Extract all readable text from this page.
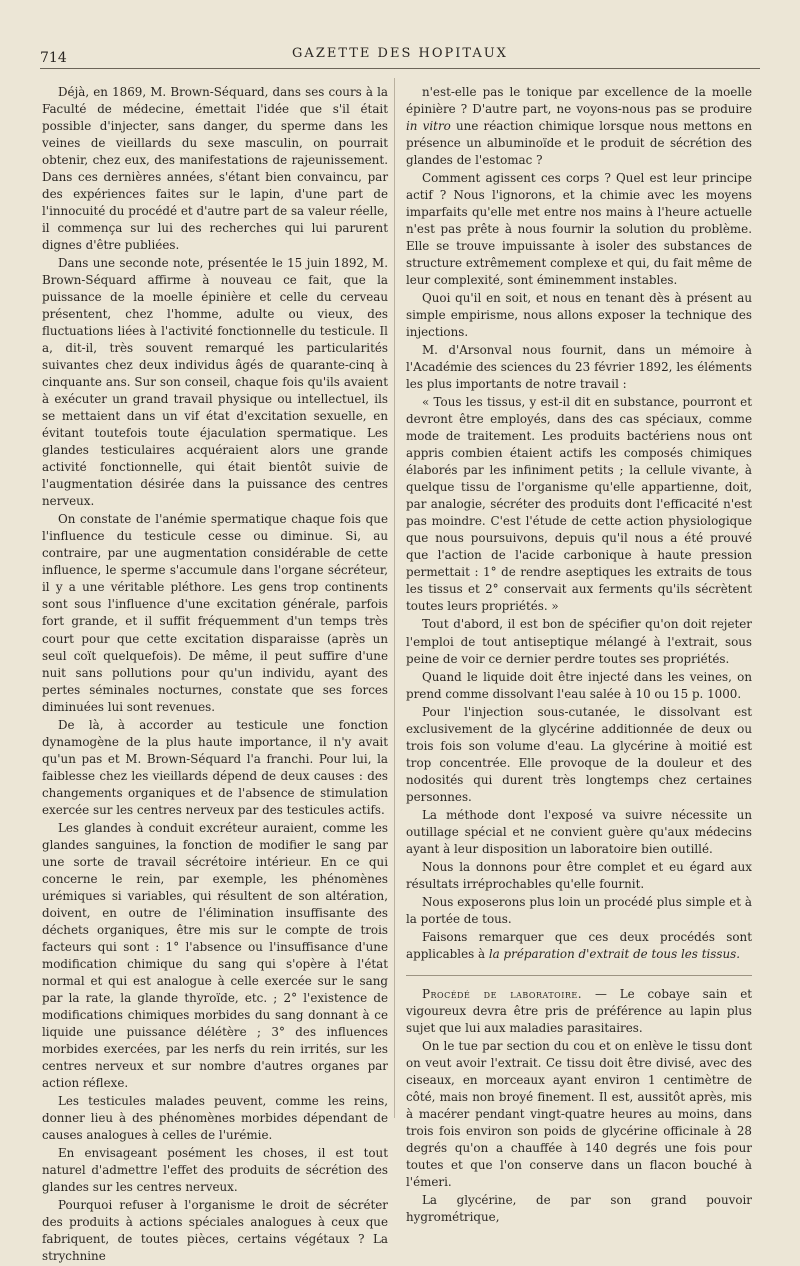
714	GAZETTE DES HOPITAUX

Déjà, en 1869, M. Brown-Séquard, dans ses cours à la Faculté de médecine, émettait l'idée que s'il était possible d'injecter, sans danger, du sperme dans les veines de vieillards du sexe masculin, on pourrait obtenir, chez eux, des manifestations de rajeunissement. Dans ces dernières années, s'étant bien convaincu, par des expériences faites sur le lapin, d'une part de l'innocuité du procédé et d'autre part de sa valeur réelle, il commença sur lui des recherches qui lui parurent dignes d'être publiées.

Dans une seconde note, présentée le 15 juin 1892, M. Brown-Séquard affirme à nouveau ce fait, que la puissance de la moelle épinière et celle du cerveau présentent, chez l'homme, adulte ou vieux, des fluctuations liées à l'activité fonctionnelle du testicule. Il a, dit-il, très souvent remarqué les particularités suivantes chez deux individus âgés de quarante-cinq à cinquante ans. Sur son conseil, chaque fois qu'ils avaient à exécuter un grand travail physique ou intellectuel, ils se mettaient dans un vif état d'excitation sexuelle, en évitant toutefois toute éjaculation spermatique. Les glandes testiculaires acquéraient alors une grande activité fonctionnelle, qui était bientôt suivie de l'augmentation désirée dans la puissance des centres nerveux.

On constate de l'anémie spermatique chaque fois que l'influence du testicule cesse ou diminue. Si, au contraire, par une augmentation considérable de cette influence, le sperme s'accumule dans l'organe sécréteur, il y a une véritable pléthore. Les gens trop continents sont sous l'influence d'une excitation générale, parfois fort grande, et il suffit fréquemment d'un temps très court pour que cette excitation disparaisse (après un seul coït quelquefois). De même, il peut suffire d'une nuit sans pollutions pour qu'un individu, ayant des pertes séminales nocturnes, constate que ses forces diminuées lui sont revenues.

De là, à accorder au testicule une fonction dynamogène de la plus haute importance, il n'y avait qu'un pas et M. Brown-Séquard l'a franchi. Pour lui, la faiblesse chez les vieillards dépend de deux causes : des changements organiques et de l'absence de stimulation exercée sur les centres nerveux par des testicules actifs.

Les glandes à conduit excréteur auraient, comme les glandes sanguines, la fonction de modifier le sang par une sorte de travail sécrétoire intérieur. En ce qui concerne le rein, par exemple, les phénomènes urémiques si variables, qui résultent de son altération, doivent, en outre de l'élimination insuffisante des déchets organiques, être mis sur le compte de trois facteurs qui sont : 1° l'absence ou l'insuffisance d'une modification chimique du sang qui s'opère à l'état normal et qui est analogue à celle exercée sur le sang par la rate, la glande thyroïde, etc. ; 2° l'existence de modifications chimiques morbides du sang donnant à ce liquide une puissance délétère ; 3° des influences morbides exercées, par les nerfs du rein irrités, sur les centres nerveux et sur nombre d'autres organes par action réflexe.

Les testicules malades peuvent, comme les reins, donner lieu à des phénomènes morbides dépendant de causes analogues à celles de l'urémie.

En envisageant posément les choses, il est tout naturel d'admettre l'effet des produits de sécrétion des glandes sur les centres nerveux.

Pourquoi refuser à l'organisme le droit de sécréter des produits à actions spéciales analogues à ceux que fabriquent, de toutes pièces, certains végétaux ? La strychnine

n'est-elle pas le tonique par excellence de la moelle épinière ? D'autre part, ne voyons-nous pas se produire in vitro une réaction chimique lorsque nous mettons en présence un albuminoïde et le produit de sécrétion des glandes de l'estomac ?

Comment agissent ces corps ? Quel est leur principe actif ? Nous l'ignorons, et la chimie avec les moyens imparfaits qu'elle met entre nos mains à l'heure actuelle n'est pas prête à nous fournir la solution du problème. Elle se trouve impuissante à isoler des substances de structure extrêmement complexe et qui, du fait même de leur complexité, sont éminemment instables.

Quoi qu'il en soit, et nous en tenant dès à présent au simple empirisme, nous allons exposer la technique des injections.

M. d'Arsonval nous fournit, dans un mémoire à l'Académie des sciences du 23 février 1892, les éléments les plus importants de notre travail :

« Tous les tissus, y est-il dit en substance, pourront et devront être employés, dans des cas spéciaux, comme mode de traitement. Les produits bactériens nous ont appris combien étaient actifs les composés chimiques élaborés par les infiniment petits ; la cellule vivante, à quelque tissu de l'organisme qu'elle appartienne, doit, par analogie, sécréter des produits dont l'efficacité n'est pas moindre. C'est l'étude de cette action physiologique que nous poursuivons, depuis qu'il nous a été prouvé que l'action de l'acide carbonique à haute pression permettait : 1° de rendre aseptiques les extraits de tous les tissus et 2° conservait aux ferments qu'ils sécrètent toutes leurs propriétés. »

Tout d'abord, il est bon de spécifier qu'on doit rejeter l'emploi de tout antiseptique mélangé à l'extrait, sous peine de voir ce dernier perdre toutes ses propriétés.

Quand le liquide doit être injecté dans les veines, on prend comme dissolvant l'eau salée à 10 ou 15 p. 1000.

Pour l'injection sous-cutanée, le dissolvant est exclusivement de la glycérine additionnée de deux ou trois fois son volume d'eau. La glycérine à moitié est trop concentrée. Elle provoque de la douleur et des nodosités qui durent très longtemps chez certaines personnes.

La méthode dont l'exposé va suivre nécessite un outillage spécial et ne convient guère qu'aux médecins ayant à leur disposition un laboratoire bien outillé.

Nous la donnons pour être complet et eu égard aux résultats irréprochables qu'elle fournit.

Nous exposerons plus loin un procédé plus simple et à la portée de tous.

Faisons remarquer que ces deux procédés sont applicables à la préparation d'extrait de tous les tissus.

Procédé de laboratoire. — Le cobaye sain et vigoureux devra être pris de préférence au lapin plus sujet que lui aux maladies parasitaires.

On le tue par section du cou et on enlève le tissu dont on veut avoir l'extrait. Ce tissu doit être divisé, avec des ciseaux, en morceaux ayant environ 1 centimètre de côté, mais non broyé finement. Il est, aussitôt après, mis à macérer pendant vingt-quatre heures au moins, dans trois fois environ son poids de glycérine officinale à 28 degrés qu'on a chauffée à 140 degrés une fois pour toutes et que l'on conserve dans un flacon bouché à l'émeri.

La glycérine, de par son grand pouvoir hygrométrique,
